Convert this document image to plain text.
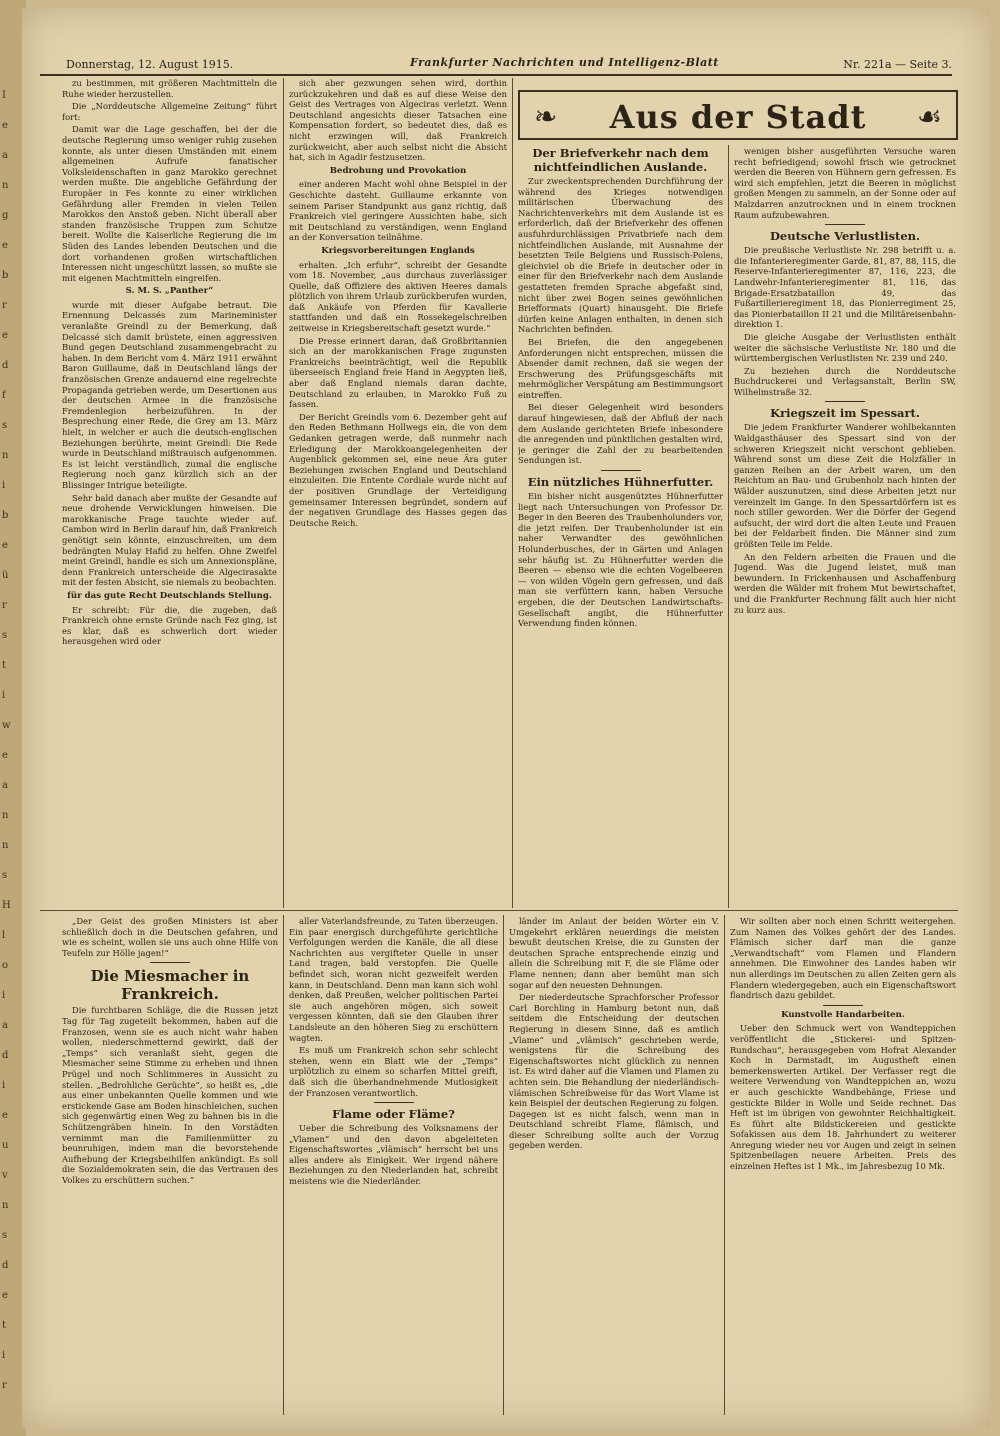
Donnerstag, 12. August 1915.	Frankfurter Nachrichten und Intelligenz-Blatt	Nr. 221a — Seite 3.
❧	Aus der Stadt	☙

zu bestimmen, mit größeren Machtmitteln die Ruhe wieder herzustellen.

Die „Norddeutsche Allgemeine Zeitung“ führt fort:

Damit war die Lage geschaffen, bei der die deutsche Regierung umso weniger ruhig zusehen konnte, als unter diesen Umständen mit einem allgemeinen Aufrufe fanatischer Volksleidenschaften in ganz Marokko gerechnet werden mußte. Die angebliche Gefährdung der Europäer in Fes konnte zu einer wirklichen Gefährdung aller Fremden in vielen Teilen Marokkos den Anstoß geben. Nicht überall aber standen französische Truppen zum Schutze bereit. Wollte die Kaiserliche Regierung die im Süden des Landes lebenden Deutschen und die dort vorhandenen großen wirtschaftlichen Interessen nicht ungeschützt lassen, so mußte sie mit eigenen Machtmitteln eingreifen.

S. M. S. „Panther“

wurde mit dieser Aufgabe betraut. Die Ernennung Delcassés zum Marineminister veranlaßte Greindl zu der Bemerkung, daß Delcassé sich damit brüstete, einen aggressiven Bund gegen Deutschland zusammengebracht zu haben. In dem Bericht vom 4. März 1911 erwähnt Baron Guillaume, daß in Deutschland längs der französischen Grenze andauernd eine regelrechte Propaganda getrieben werde, um Desertionen aus der deutschen Armee in die französische Fremdenlegion herbeizuführen. In der Besprechung einer Rede, die Grey am 13. März hielt, in welcher er auch die deutsch-englischen Beziehungen berührte, meint Greindl: Die Rede wurde in Deutschland mißtrauisch aufgenommen. Es ist leicht verständlich, zumal die englische Regierung noch ganz kürzlich sich an der Blissinger Intrigue beteiligte.

Sehr bald danach aber mußte der Gesandte auf neue drohende Verwicklungen hinweisen. Die marokkanische Frage tauchte wieder auf. Cambon wird in Berlin darauf hin, daß Frankreich genötigt sein könnte, einzuschreiten, um dem bedrängten Mulay Hafid zu helfen. Ohne Zweifel meint Greindl, handle es sich um Annexionspläne, denn Frankreich unterscheide die Algecirasakte mit der festen Absicht, sie niemals zu beobachten.

für das gute Recht Deutschlands Stellung.

Er schreibt: Für die, die zugeben, daß Frankreich ohne ernste Gründe nach Fez ging, ist es klar, daß es schwerlich dort wieder herausgehen wird oder

sich aber gezwungen sehen wird, dorthin zurückzukehren und daß es auf diese Weise den Geist des Vertrages von Algeciras verletzt. Wenn Deutschland angesichts dieser Tatsachen eine Kompensation fordert, so bedeutet dies, daß es nicht erzwingen will, daß Frankreich zurückweicht, aber auch selbst nicht die Absicht hat, sich in Agadir festzusetzen.

Bedrohung und Provokation

einer anderen Macht wohl ohne Beispiel in der Geschichte dasteht. Guillaume erkannte von seinem Pariser Standpunkt aus ganz richtig, daß Frankreich viel geringere Aussichten habe, sich mit Deutschland zu verständigen, wenn England an der Konversation teilnähme.

Kriegsvorbereitungen Englands

erhalten. „Ich erfuhr“, schreibt der Gesandte vom 18. November, „aus durchaus zuverlässiger Quelle, daß Offiziere des aktiven Heeres damals plötzlich von ihrem Urlaub zurückberufen wurden, daß Ankäufe von Pferden für Kavallerie stattfanden und daß ein Rossekegelschreiben zeitweise in Kriegsbereitschaft gesetzt wurde.“

Die Presse erinnert daran, daß Großbritannien sich an der marokkanischen Frage zugunsten Frankreichs beeinträchtigt, weil die Republik überseeisch England freie Hand in Aegypten ließ, aber daß England niemals daran dachte, Deutschland zu erlauben, in Marokko Fuß zu fassen.

Der Bericht Greindls vom 6. Dezember geht auf den Reden Bethmann Hollwegs ein, die von dem Gedanken getragen werde, daß nunmehr nach Erledigung der Marokkoangelegenheiten der Augenblick gekommen sei, eine neue Ära guter Beziehungen zwischen England und Deutschland einzuleiten. Die Entente Cordiale wurde nicht auf der positiven Grundlage der Verteidigung gemeinsamer Interessen begründet, sondern auf der negativen Grundlage des Hasses gegen das Deutsche Reich.

Der Briefverkehr nach dem nichtfeindlichen Auslande.

Zur zweckentsprechenden Durchführung der während des Krieges notwendigen militärischen Überwachung des Nachrichtenverkehrs mit dem Auslande ist es erforderlich, daß der Briefverkehr des offenen ausfuhrdurchlässigen Privatbriefe nach dem nichtfeindlichen Auslande, mit Ausnahme der besetzten Teile Belgiens und Russisch-Polens, gleichviel ob die Briefe in deutscher oder in einer für den Briefverkehr nach dem Auslande gestatteten fremden Sprache abgefaßt sind, nicht über zwei Bogen seines gewöhnlichen Briefformats (Quart) hinausgeht. Die Briefe dürfen keine Anlagen enthalten, in denen sich Nachrichten befinden.

Bei Briefen, die den angegebenen Anforderungen nicht entsprechen, müssen die Absender damit rechnen, daß sie wegen der Erschwerung des Prüfungsgeschäfts mit mehrmöglicher Verspätung am Bestimmungsort eintreffen.

Bei dieser Gelegenheit wird besonders darauf hingewiesen, daß der Abfluß der nach dem Auslande gerichteten Briefe inbesondere die anregenden und pünktlichen gestalten wird, je geringer die Zahl der zu bearbeitenden Sendungen ist.

Ein nützliches Hühnerfutter.

Ein bisher nicht ausgenütztes Hühnerfutter liegt nach Untersuchungen von Professor Dr. Beger in den Beeren des Traubenholunders vor, die jetzt reifen. Der Traubenholunder ist ein naher Verwandter des gewöhnlichen Holunderbusches, der in Gärten und Anlagen sehr häufig ist. Zu Hühnerfutter werden die Beeren — ebenso wie die echten Vogelbeeren — von wilden Vögeln gern gefressen, und daß man sie verfüttern kann, haben Versuche ergeben, die der Deutschen Landwirtschafts-Gesellschaft angibt, die Hühnerfutter Verwendung finden können.

wenigen bisher ausgeführten Versuche waren recht befriedigend; sowohl frisch wie getrocknet werden die Beeren von Hühnern gern gefressen. Es wird sich empfehlen, jetzt die Beeren in möglichst großen Mengen zu sammeln, an der Sonne oder auf Malzdarren anzutrocknen und in einem trocknen Raum aufzubewahren.

Deutsche Verlustlisten.

Die preußische Verlustliste Nr. 298 betrifft u. a. die Infanterieregimenter Garde, 81, 87, 88, 115, die Reserve-Infanterieregimenter 87, 116, 223, die Landwehr-Infanterieregimenter 81, 116, das Brigade-Ersatzbataillon 49, das Fußartillerieregiment 18, das Pionierregiment 25, das Pionierbataillon II 21 und die Militäreisenbahn-direktion 1.

Die gleiche Ausgabe der Verlustlisten enthält weiter die sächsische Verlustliste Nr. 180 und die württembergischen Verlustlisten Nr. 239 und 240.

Zu beziehen durch die Norddeutsche Buchdruckerei und Verlagsanstalt, Berlin SW, Wilhelmstraße 32.

Kriegszeit im Spessart.

Die jedem Frankfurter Wanderer wohlbekannten Waldgasthäuser des Spessart sind von der schweren Kriegszeit nicht verschont geblieben. Während sonst um diese Zeit die Holzfäller in ganzen Reihen an der Arbeit waren, um den Reichtum an Bau- und Grubenholz nach hinten der Wälder auszunutzen, sind diese Arbeiten jetzt nur vereinzelt im Gange. In den Spessartdörfern ist es noch stiller geworden. Wer die Dörfer der Gegend aufsucht, der wird dort die alten Leute und Frauen bei der Feldarbeit finden. Die Männer sind zum größten Teile im Felde.

An den Feldern arbeiten die Frauen und die Jugend. Was die Jugend leistet, muß man bewundern. In Frickenhausen und Aschaffenburg werden die Wälder mit frohem Mut bewirtschaftet, und die Frankfurter Rechnung fällt auch hier nicht zu kurz aus.

„Der Geist des großen Ministers ist aber schließlich doch in die Deutschen gefahren, und wie es scheint, wollen sie uns auch ohne Hilfe von Teufeln zur Hölle jagen!“

Die Miesmacher in Frankreich.

Die furchtbaren Schläge, die die Russen jetzt Tag für Tag zugeteilt bekommen, haben auf die Franzosen, wenn sie es auch nicht wahr haben wollen, niederschmetternd gewirkt, daß der „Temps“ sich veranlaßt sieht, gegen die Miesmacher seine Stimme zu erheben und ihnen Prügel und noch Schlimmeres in Aussicht zu stellen. „Bedrohliche Gerüchte“, so heißt es, „die aus einer unbekannten Quelle kommen und wie erstickende Gase am Boden hinschleichen, suchen sich gegenwärtig einen Weg zu bahnen bis in die Schützengräben hinein. In den Vorstädten vernimmt man die Familienmütter zu beunruhigen, indem man die bevorstehende Aufhebung der Kriegsbeihilfen ankündigt. Es soll die Sozialdemokraten sein, die das Vertrauen des Volkes zu erschüttern suchen.“

aller Vaterlandsfreunde, zu Taten überzeugen. Ein paar energisch durchgeführte gerichtliche Verfolgungen werden die Kanäle, die all diese Nachrichten aus vergifteter Quelle in unser Land tragen, bald verstopfen. Die Quelle befindet sich, woran nicht gezweifelt werden kann, in Deutschland. Denn man kann sich wohl denken, daß Preußen, welcher politischen Partei sie auch angehören mögen, sich soweit vergessen könnten, daß sie den Glauben ihrer Landsleute an den höheren Sieg zu erschüttern wagten.

Es muß um Frankreich schon sehr schlecht stehen, wenn ein Blatt wie der „Temps“ urplötzlich zu einem so scharfen Mittel greift, daß sich die überhandnehmende Mutlosigkeit der Franzosen verantwortlich.

Flame oder Fläme?

Ueber die Schreibung des Volksnamens der „Vlamen“ und den davon abgeleiteten Eigenschaftswortes „vlämisch“ herrscht bei uns alles andere als Einigkeit. Wer irgend nähere Beziehungen zu den Niederlanden hat, schreibt meistens wie die Niederländer.

länder im Anlaut der beiden Wörter ein V. Umgekehrt erklären neuerdings die meisten bewußt deutschen Kreise, die zu Gunsten der deutschen Sprache entsprechende einzig und allein die Schreibung mit F, die sie Fläme oder Flame nennen; dann aber bemüht man sich sogar auf den neuesten Dehnungen.

Der niederdeutsche Sprachforscher Professor Carl Borchling in Hamburg betont nun, daß seitdem die Entscheidung der deutschen Regierung in diesem Sinne, daß es amtlich „Vlame“ und „vlämisch“ geschrieben werde, wenigstens für die Schreibung des Eigenschaftswortes nicht glücklich zu nennen ist. Es wird daher auf die Vlamen und Flamen zu achten sein. Die Behandlung der niederländisch-vlämischen Schreibweise für das Wort Vlame ist kein Beispiel der deutschen Regierung zu folgen. Dagegen ist es nicht falsch, wenn man in Deutschland schreibt Flame, flämisch, und dieser Schreibung sollte auch der Vorzug gegeben werden.

Wir sollten aber noch einen Schritt weitergehen. Zum Namen des Volkes gehört der des Landes. Flämisch sicher darf man die ganze „Verwandtschaft“ vom Flamen und Flandern annehmen. Die Einwohner des Landes haben wir nun allerdings im Deutschen zu allen Zeiten gern als Flandern wiedergegeben, auch ein Eigenschaftswort flandrisch dazu gebildet.

Kunstvolle Handarbeiten.

Ueber den Schmuck wert von Wandteppichen veröffentlicht die „Stickerei- und Spitzen-Rundschau“, herausgegeben vom Hofrat Alexander Koch in Darmstadt, im Augustheft einen bemerkenswerten Artikel. Der Verfasser regt die weitere Verwendung von Wandteppichen an, wozu er auch geschickte Wandbehänge, Friese und gestickte Bilder in Wolle und Seide rechnet. Das Heft ist im übrigen von gewohnter Reichhaltigkeit. Es führt alte Bildstickereien und gestickte Sofakissen aus dem 18. Jahrhundert zu weiterer Anregung wieder neu vor Augen und zeigt in seinen Spitzenbeilagen neuere Arbeiten. Preis des einzelnen Heftes ist 1 Mk., im Jahresbezug 10 Mk.

I
e
a
n
g
e
b
r
e
d
f
s
n
i
b
e
ü
r
s
t
i
w
e
a
n
n
s
H
l
o
i
a
d
i
e
u
v
n
s
d
e
t
i
r
